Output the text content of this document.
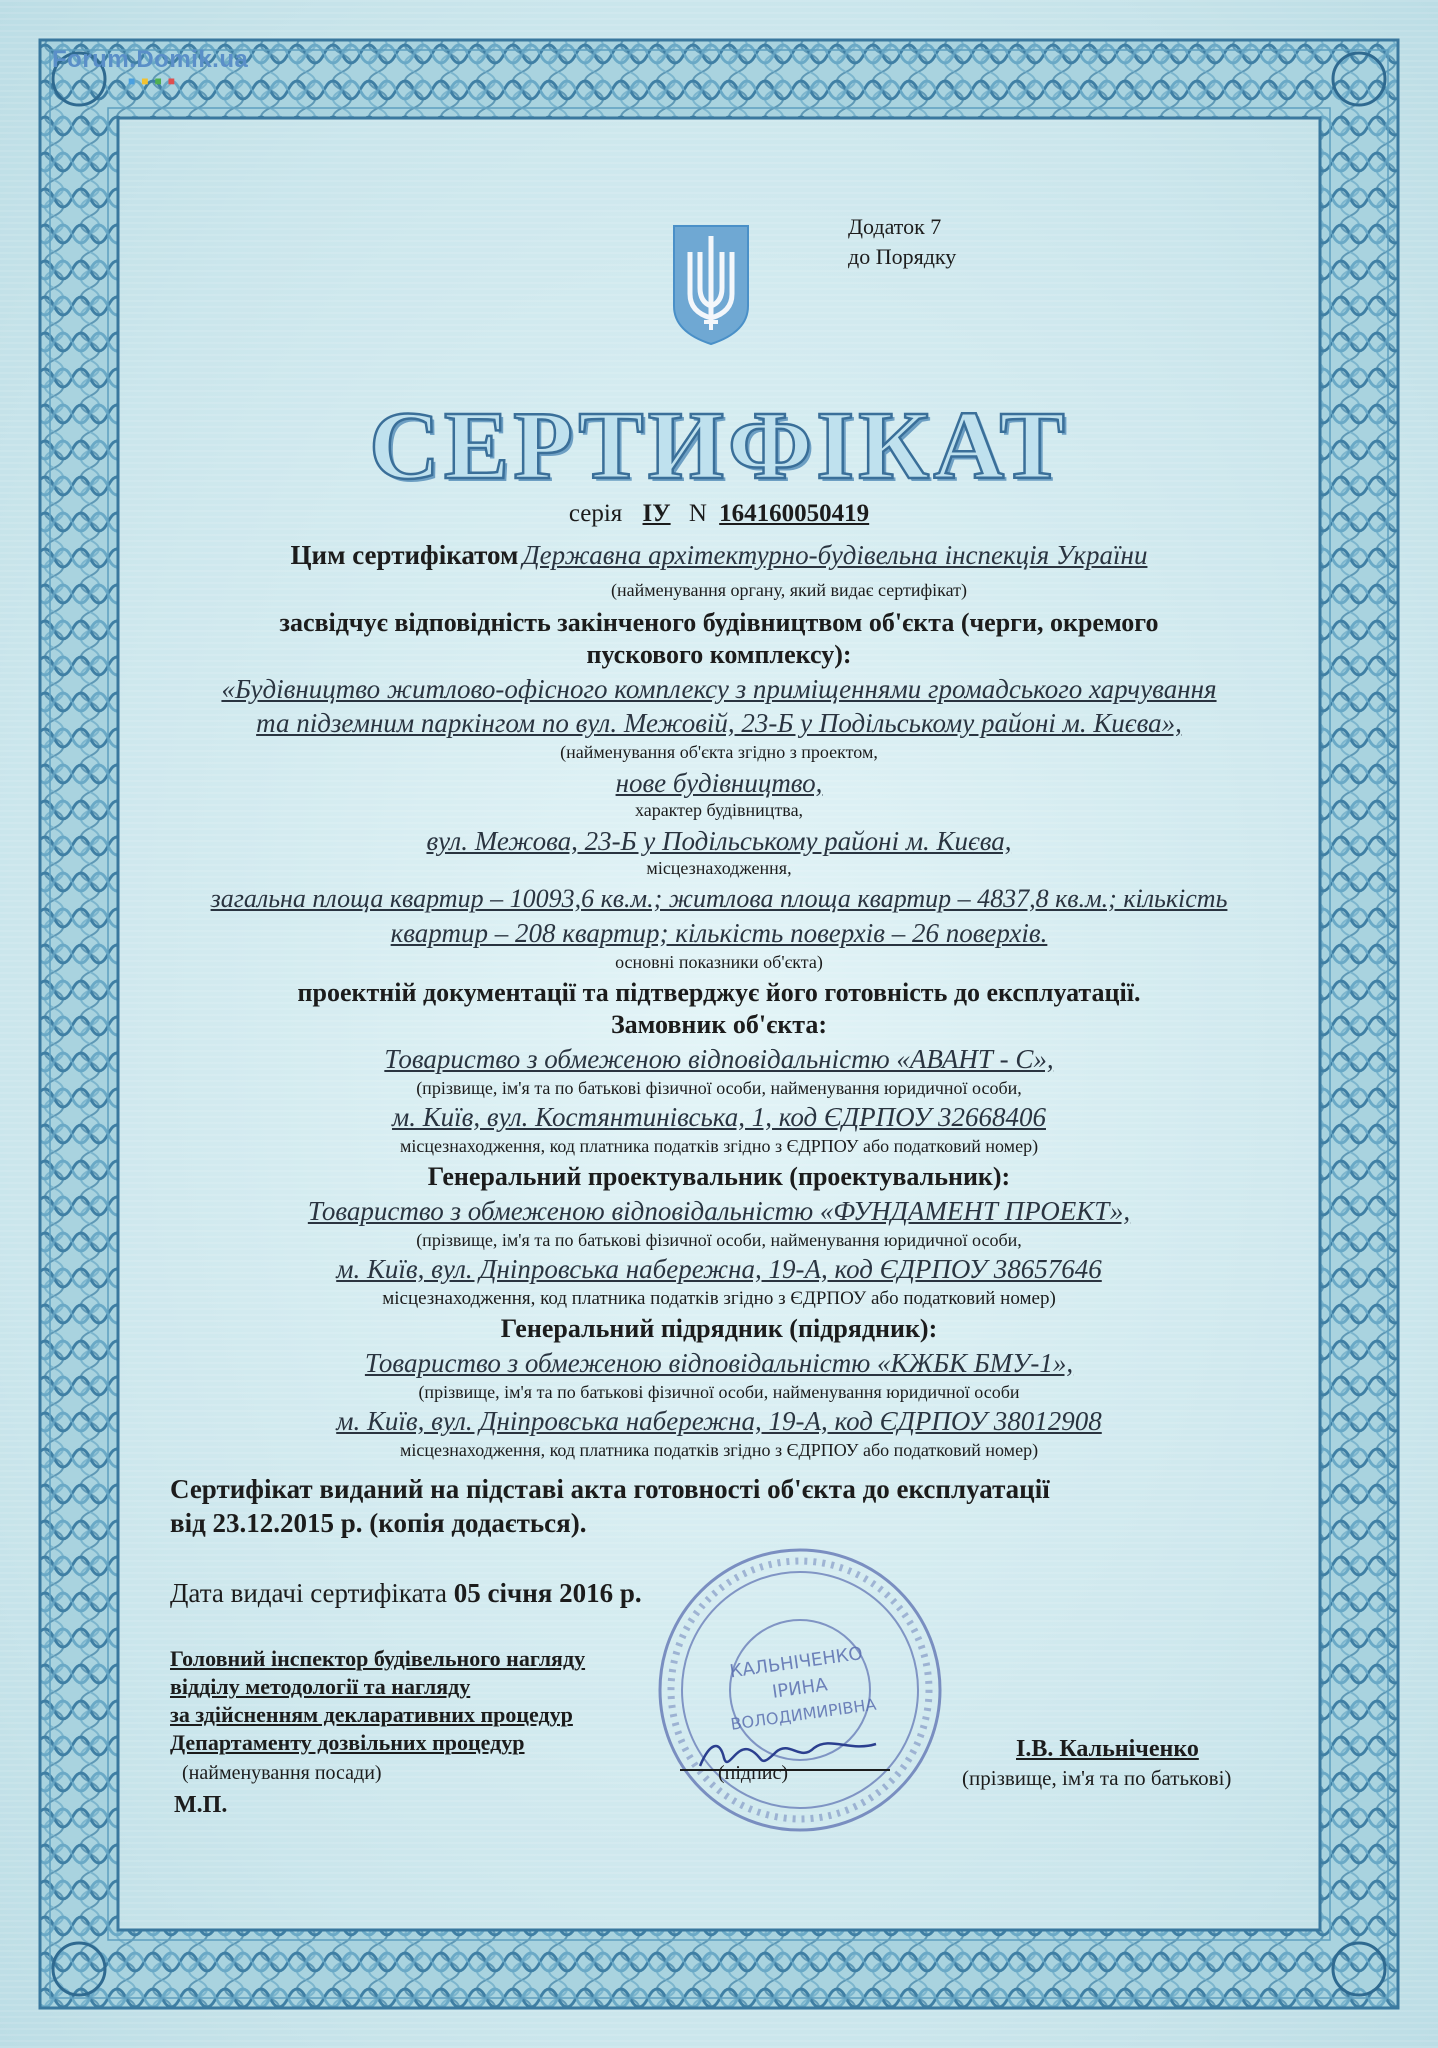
Forum.Domik.ua
■■■■
Додаток 7
до Порядку
СЕРТИФІКАТ
серія ІУ N 164160050419
Цим сертифікатом Державна архітектурно-будівельна інспекція України
(найменування органу, який видає сертифікат)
засвідчує відповідність закінченого будівництвом об'єкта (черги, окремого
пускового комплексу):
«Будівництво житлово-офісного комплексу з приміщеннями громадського харчування
та підземним паркінгом по вул. Межовій, 23-Б у Подільському районі м. Києва»,
(найменування об'єкта згідно з проектом,
нове будівництво,
характер будівництва,
вул. Межова, 23-Б у Подільському районі м. Києва,
місцезнаходження,
загальна площа квартир – 10093,6 кв.м.; житлова площа квартир – 4837,8 кв.м.; кількість
квартир – 208 квартир; кількість поверхів – 26 поверхів.
основні показники об'єкта)
проектній документації та підтверджує його готовність до експлуатації.
Замовник об'єкта:
Товариство з обмеженою відповідальністю «АВАНТ - С»,
(прізвище, ім'я та по батькові фізичної особи, найменування юридичної особи,
м. Київ, вул. Костянтинівська, 1, код ЄДРПОУ 32668406
місцезнаходження, код платника податків згідно з ЄДРПОУ або податковий номер)
Генеральний проектувальник (проектувальник):
Товариство з обмеженою відповідальністю «ФУНДАМЕНТ ПРОЕКТ»,
(прізвище, ім'я та по батькові фізичної особи, найменування юридичної особи,
м. Київ, вул. Дніпровська набережна, 19-А, код ЄДРПОУ 38657646
місцезнаходження, код платника податків згідно з ЄДРПОУ або податковий номер)
Генеральний підрядник (підрядник):
Товариство з обмеженою відповідальністю «КЖБК БМУ-1»,
(прізвище, ім'я та по батькові фізичної особи, найменування юридичної особи
м. Київ, вул. Дніпровська набережна, 19-А, код ЄДРПОУ 38012908
місцезнаходження, код платника податків згідно з ЄДРПОУ або податковий номер)
Сертифікат виданий на підставі акта готовності об'єкта до експлуатації
від 23.12.2015 р. (копія додається).
Дата видачі сертифіката 05 січня 2016 р.
КАЛЬНІЧЕНКО
ІРИНА
ВОЛОДИМИРІВНА
Головний інспектор будівельного нагляду
відділу методології та нагляду
за здійсненням декларативних процедур
Департаменту дозвільних процедур
(найменування посади)
М.П.
(підпис)
І.В. Кальніченко
(прізвище, ім'я та по батькові)
